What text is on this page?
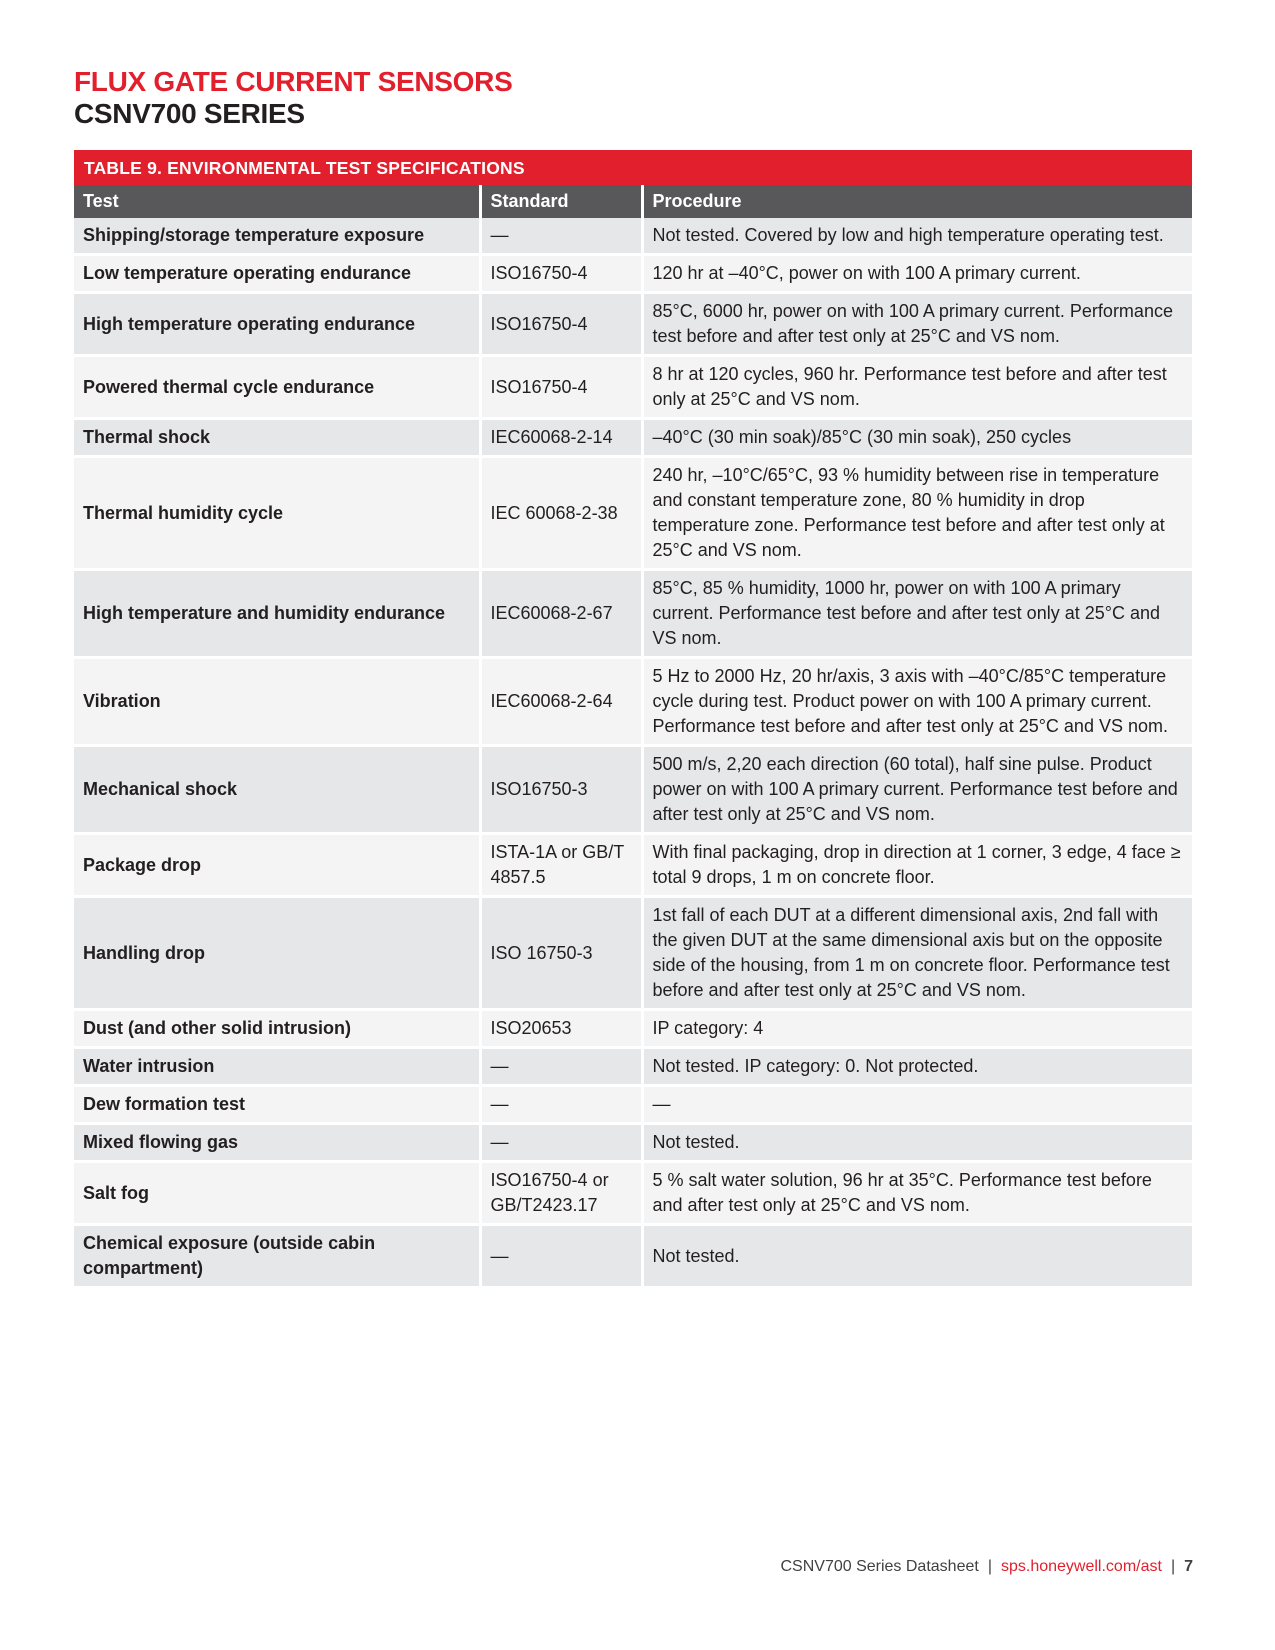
FLUX GATE CURRENT SENSORS
CSNV700 SERIES
TABLE 9. ENVIRONMENTAL TEST SPECIFICATIONS
Test	Standard	Procedure
Shipping/storage temperature exposure	—	Not tested. Covered by low and high temperature operating test.
Low temperature operating endurance	ISO16750-4	120 hr at –40°C, power on with 100 A primary current.
High temperature operating endurance	ISO16750-4	85°C, 6000 hr, power on with 100 A primary current. Performance test before and after test only at 25°C and VS nom.
Powered thermal cycle endurance	ISO16750-4	8 hr at 120 cycles, 960 hr. Performance test before and after test only at 25°C and VS nom.
Thermal shock	IEC60068-2-14	–40°C (30 min soak)/85°C (30 min soak), 250 cycles
Thermal humidity cycle	IEC 60068-2-38	240 hr, –10°C/65°C, 93 % humidity between rise in temperature and constant temperature zone, 80 % humidity in drop temperature zone. Performance test before and after test only at 25°C and VS nom.
High temperature and humidity endurance	IEC60068-2-67	85°C, 85 % humidity, 1000 hr, power on with 100 A primary current. Performance test before and after test only at 25°C and VS nom.
Vibration	IEC60068-2-64	5 Hz to 2000 Hz, 20 hr/axis, 3 axis with –40°C/85°C temperature cycle during test. Product power on with 100 A primary current. Performance test before and after test only at 25°C and VS nom.
Mechanical shock	ISO16750-3	500 m/s, 2,20 each direction (60 total), half sine pulse. Product power on with 100 A primary current. Performance test before and after test only at 25°C and VS nom.
Package drop	ISTA-1A or GB/T 4857.5	With final packaging, drop in direction at 1 corner, 3 edge, 4 face ≥ total 9 drops, 1 m on concrete floor.
Handling drop	ISO 16750-3	1st fall of each DUT at a different dimensional axis, 2nd fall with the given DUT at the same dimensional axis but on the opposite side of the housing, from 1 m on concrete floor. Performance test before and after test only at 25°C and VS nom.
Dust (and other solid intrusion)	ISO20653	IP category: 4
Water intrusion	—	Not tested. IP category: 0. Not protected.
Dew formation test	—	—
Mixed flowing gas	—	Not tested.
Salt fog	ISO16750-4 or GB/T2423.17	5 % salt water solution, 96 hr at 35°C. Performance test before and after test only at 25°C and VS nom.
Chemical exposure (outside cabin compartment)	—	Not tested.
CSNV700 Series Datasheet | sps.honeywell.com/ast | 7
